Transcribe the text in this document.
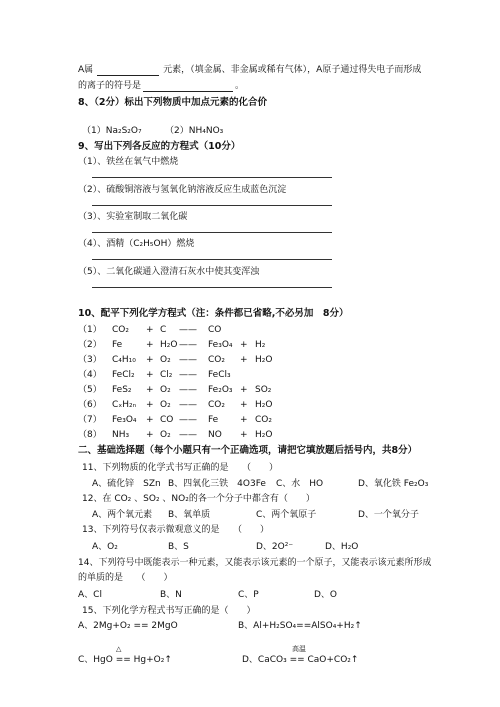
A属	元素，（填金属、非金属或稀有气体），A原子通过得失电子而形成
的离子的符号是	。
8、（2分）标出下列物质中加点元素的化合价
（1）Na₂S₂O₇	（2）NH₄NO₃
9、写出下列各反应的方程式（10分）
（1）、铁丝在氧气中燃烧
（2）、硫酸铜溶液与氢氧化钠溶液反应生成蓝色沉淀
（3）、实验室制取二氧化碳
（4）、酒精（C₂H₅OH）燃烧
（5）、二氧化碳通入澄清石灰水中使其变浑浊
10、配平下列化学方程式（注：条件都已省略,不必另加　8分）
（1） CO₂ + C —— CO
（2） Fe	+ H₂O —— Fe₃O₄ + H₂
（3） C₄H₁₀ + O₂ —— CO₂ + H₂O
（4） FeCl₂ + Cl₂ —— FeCl₃
（5） FeS₂ + O₂ —— Fe₂O₃ + SO₂
（6） CₓH₂ₙ + O₂ —— CO₂ + H₂O
（7） Fe₃O₄ + CO —— Fe + CO₂
（8） NH₃ + O₂ —— NO + H₂O
二、基础选择题（每个小题只有一个正确选项，请把它填放题后括号内，共8分）
11、下列物质的化学式书写正确的是　　（　　）
A、硫化锌　SZn B、四氧化三铁　4O3Fe C、水　HO	D、氧化铁 Fe₂O₃
12、在 CO₂ 、SO₂ 、NO₂的各一个分子中都含有（　　）
A、两个氧元素 B、氧单质	C、两个氧原子	D、一个氧分子
13、下列符号仅表示微观意义的是　　（　　）
A、O₂	B、S	D、2O²⁻	D、H₂O
14、下列符号中既能表示一种元素，又能表示该元素的一个原子，又能表示该元素所形成
的单质的是　　（　　）
A、Cl	B、N	C、P	D、O
15、下列化学方程式书写正确的是（　　）
A、2Mg+O₂ == 2MgO	B、Al+H₂SO₄==AlSO₄+H₂↑
△
C、HgO == Hg+O₂↑
高温
D、CaCO₃ == CaO+CO₂↑
